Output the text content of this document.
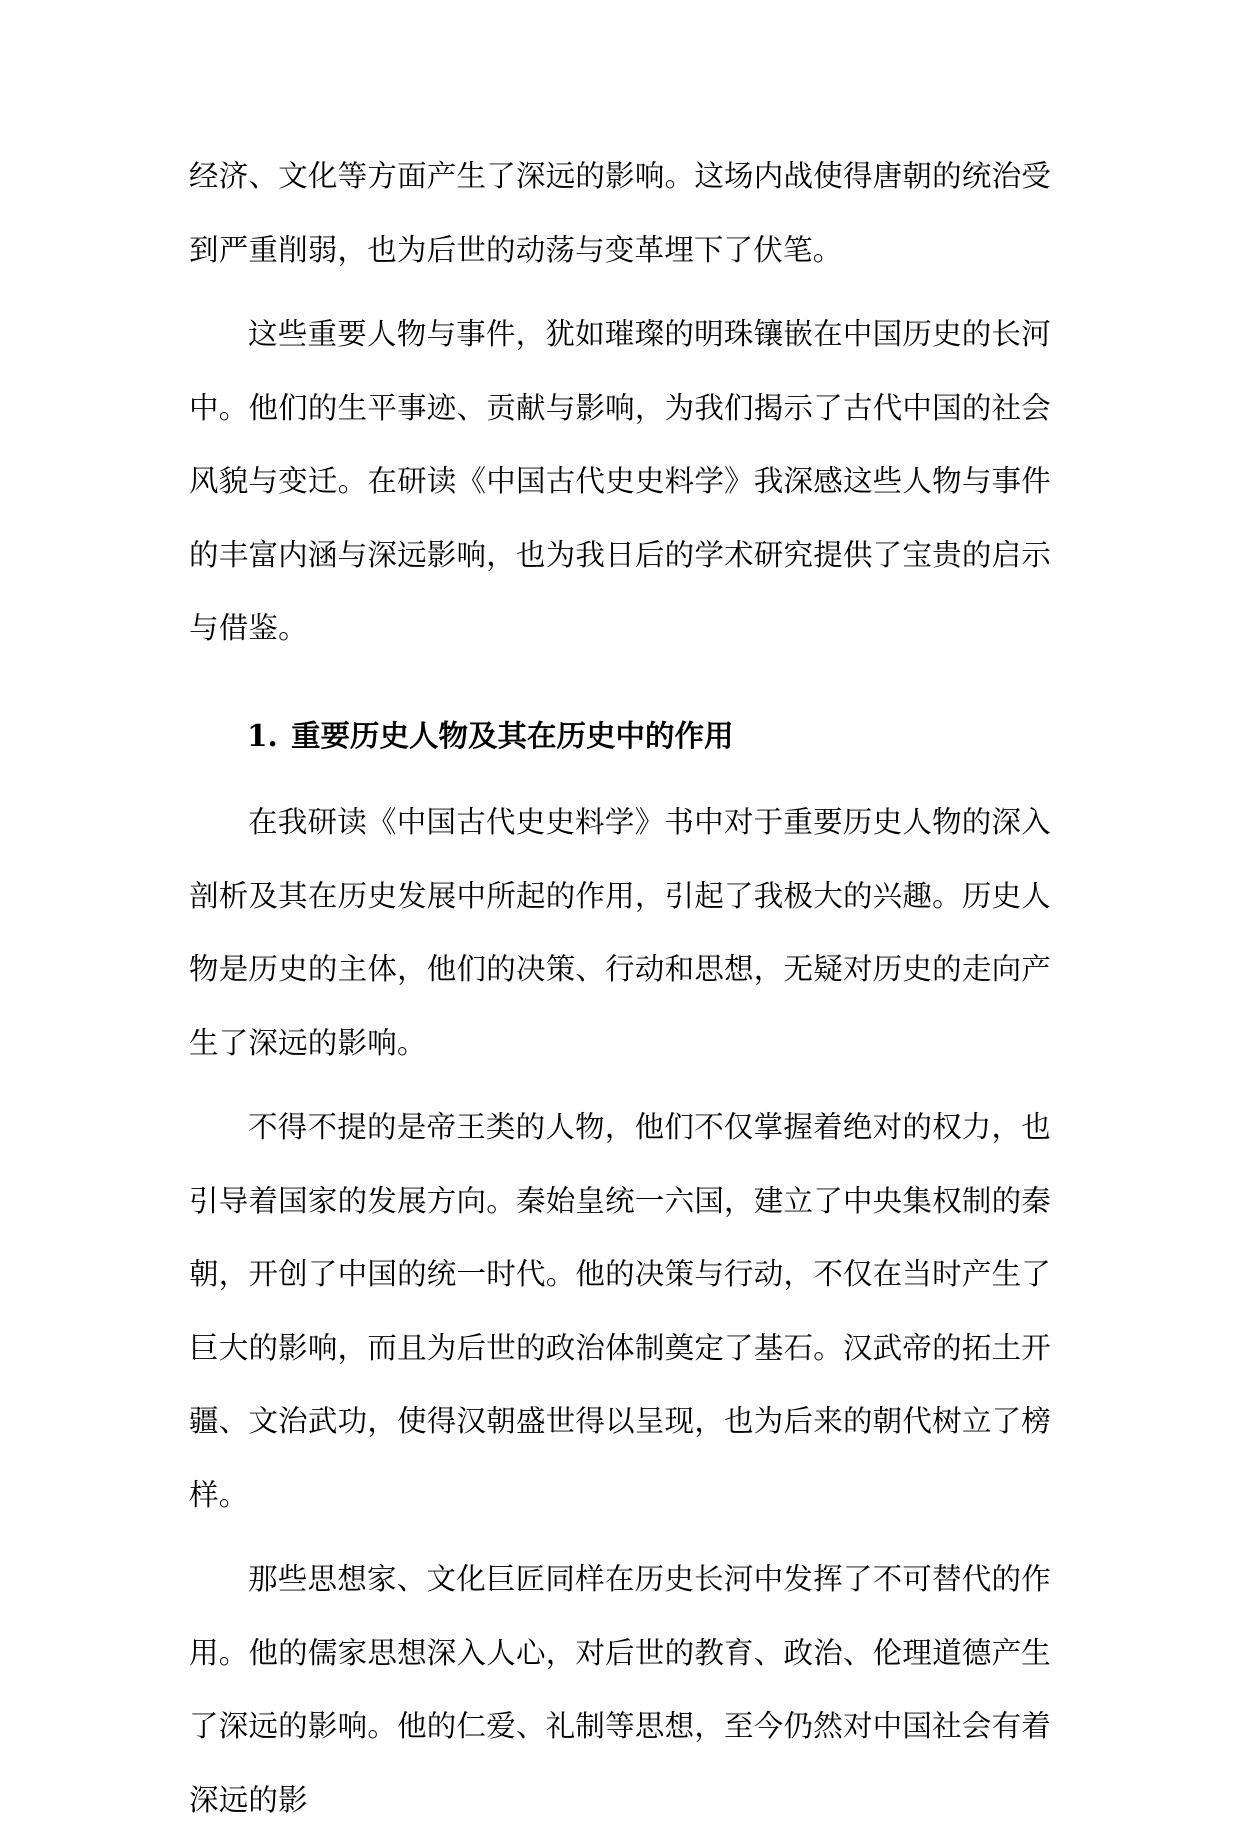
经济、文化等方面产生了深远的影响。这场内战使得唐朝的统治受到严重削弱，也为后世的动荡与变革埋下了伏笔。

这些重要人物与事件，犹如璀璨的明珠镶嵌在中国历史的长河中。他们的生平事迹、贡献与影响，为我们揭示了古代中国的社会风貌与变迁。在研读《中国古代史史料学》我深感这些人物与事件的丰富内涵与深远影响，也为我日后的学术研究提供了宝贵的启示与借鉴。

1. 重要历史人物及其在历史中的作用

在我研读《中国古代史史料学》书中对于重要历史人物的深入剖析及其在历史发展中所起的作用，引起了我极大的兴趣。历史人物是历史的主体，他们的决策、行动和思想，无疑对历史的走向产生了深远的影响。

不得不提的是帝王类的人物，他们不仅掌握着绝对的权力，也引导着国家的发展方向。秦始皇统一六国，建立了中央集权制的秦朝，开创了中国的统一时代。他的决策与行动，不仅在当时产生了巨大的影响，而且为后世的政治体制奠定了基石。汉武帝的拓土开疆、文治武功，使得汉朝盛世得以呈现，也为后来的朝代树立了榜样。

那些思想家、文化巨匠同样在历史长河中发挥了不可替代的作用。他的儒家思想深入人心，对后世的教育、政治、伦理道德产生了深远的影响。他的仁爱、礼制等思想，至今仍然对中国社会有着深远的影
